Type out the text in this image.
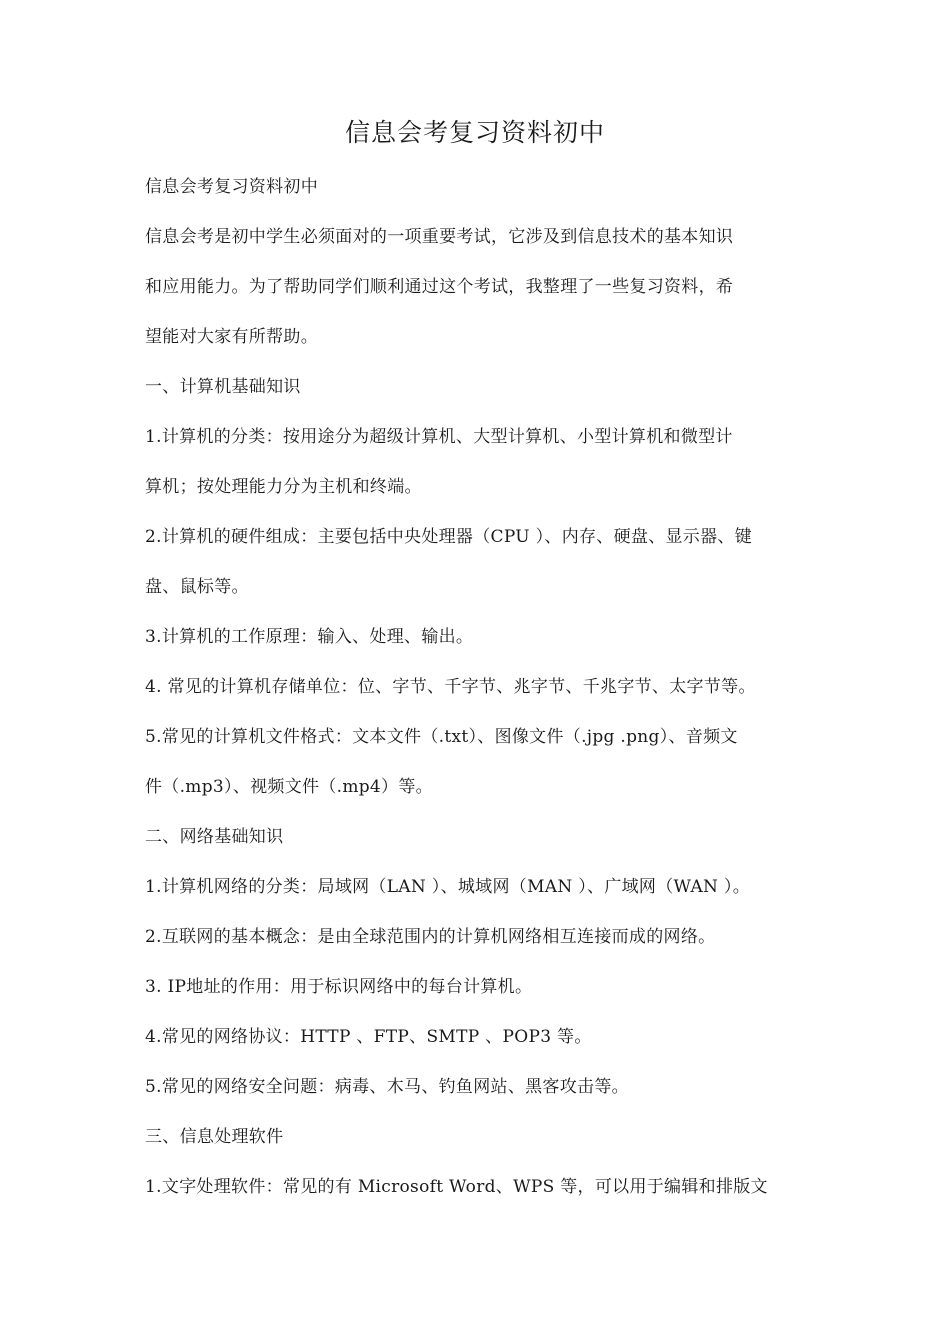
信息会考复习资料初中
信息会考复习资料初中
信息会考是初中学生必须面对的一项重要考试，它涉及到信息技术的基本知识
和应用能力。为了帮助同学们顺利通过这个考试，我整理了一些复习资料，希
望能对大家有所帮助。
一、计算机基础知识
1.计算机的分类：按用途分为超级计算机、大型计算机、小型计算机和微型计
算机；按处理能力分为主机和终端。
2.计算机的硬件组成：主要包括中央处理器（CPU ）、内存、硬盘、显示器、键
盘、鼠标等。
3.计算机的工作原理：输入、处理、输出。
4. 常见的计算机存储单位：位、字节、千字节、兆字节、千兆字节、太字节等。
5.常见的计算机文件格式：文本文件（.txt）、图像文件（.jpg .png）、音频文
件（.mp3）、视频文件（.mp4）等。
二、网络基础知识
1.计算机网络的分类：局域网（LAN ）、城域网（MAN ）、广域网（WAN ）。
2.互联网的基本概念：是由全球范围内的计算机网络相互连接而成的网络。
3. IP地址的作用：用于标识网络中的每台计算机。
4.常见的网络协议：HTTP 、FTP、SMTP 、POP3 等。
5.常见的网络安全问题：病毒、木马、钓鱼网站、黑客攻击等。
三、信息处理软件
1.文字处理软件：常见的有 Microsoft Word、WPS 等，可以用于编辑和排版文
